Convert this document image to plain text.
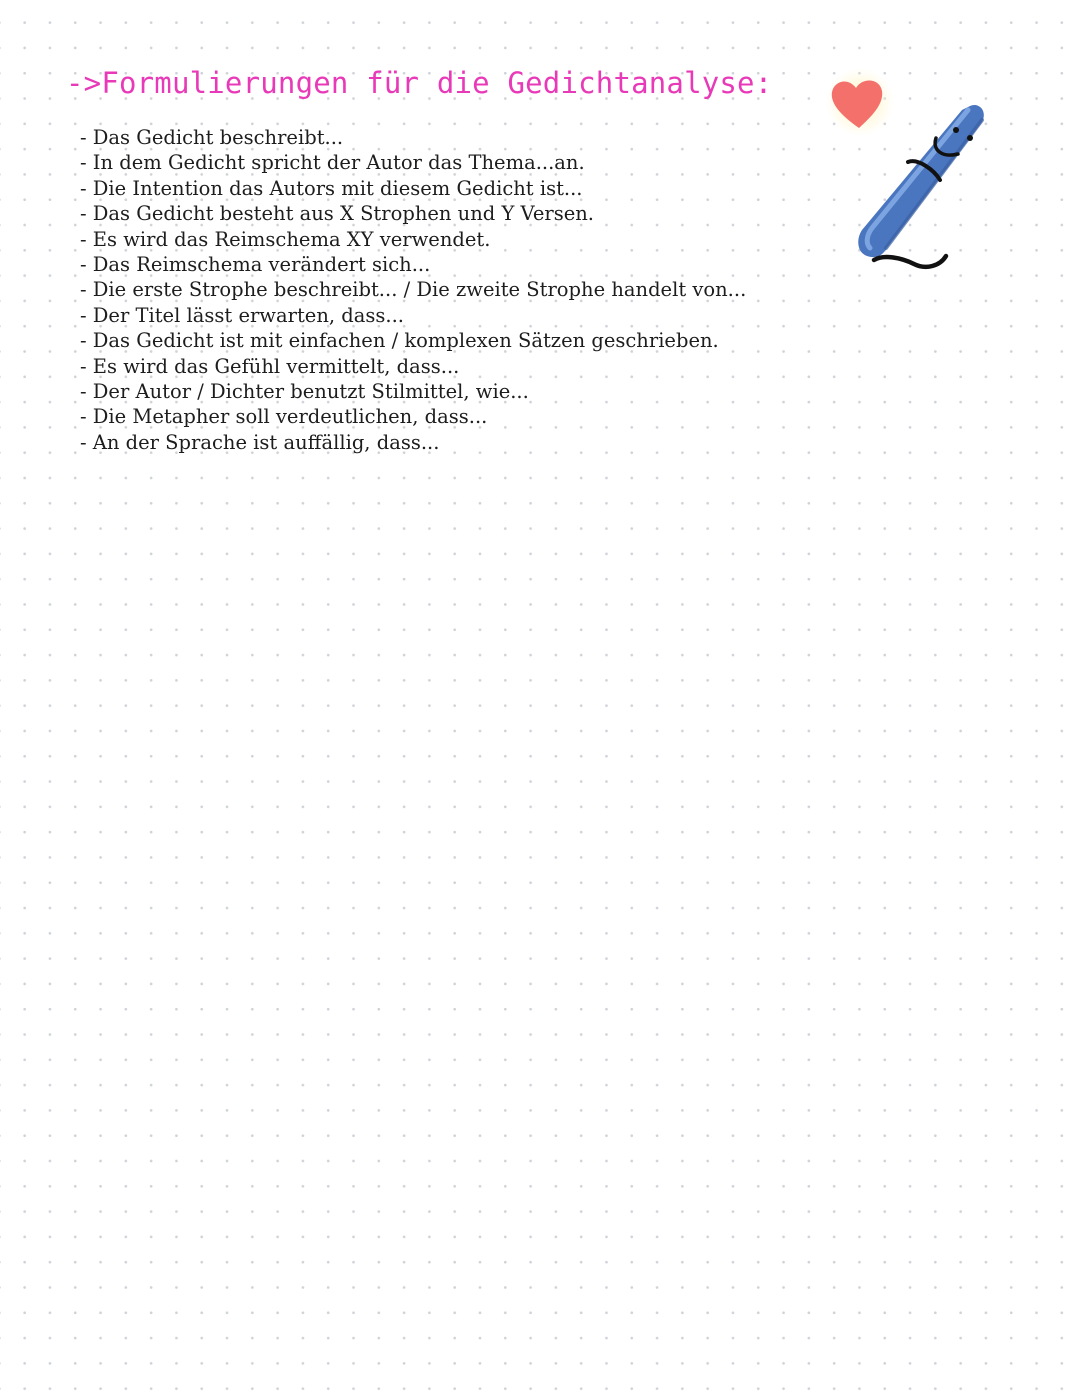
->Formulierungen für die Gedichtanalyse:
- Das Gedicht beschreibt...
- In dem Gedicht spricht der Autor das Thema...an.
- Die Intention das Autors mit diesem Gedicht ist...
- Das Gedicht besteht aus X Strophen und Y Versen.
- Es wird das Reimschema XY verwendet.
- Das Reimschema verändert sich...
- Die erste Strophe beschreibt... / Die zweite Strophe handelt von...
- Der Titel lässt erwarten, dass...
- Das Gedicht ist mit einfachen / komplexen Sätzen geschrieben.
- Es wird das Gefühl vermittelt, dass...
- Der Autor / Dichter benutzt Stilmittel, wie...
- Die Metapher soll verdeutlichen, dass...
- An der Sprache ist auffällig, dass...
